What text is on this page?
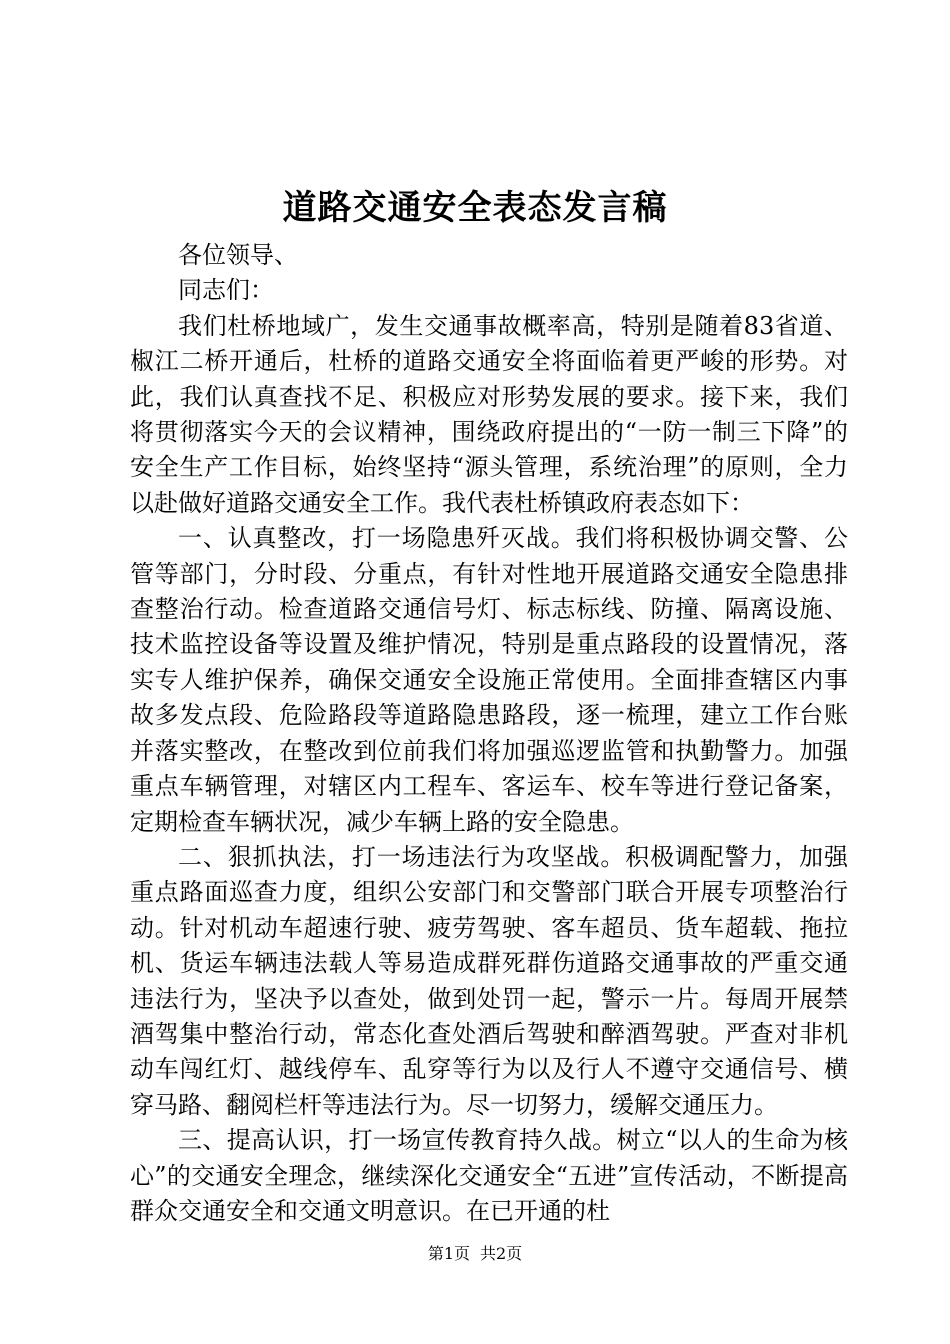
道路交通安全表态发言稿

各位领导、

同志们：

我们杜桥地域广，发生交通事故概率高，特别是随着83省道、椒江二桥开通后，杜桥的道路交通安全将面临着更严峻的形势。对此，我们认真查找不足、积极应对形势发展的要求。接下来，我们将贯彻落实今天的会议精神，围绕政府提出的“一防一制三下降”的安全生产工作目标，始终坚持“源头管理，系统治理”的原则，全力以赴做好道路交通安全工作。我代表杜桥镇政府表态如下：

一、认真整改，打一场隐患歼灭战。我们将积极协调交警、公管等部门，分时段、分重点，有针对性地开展道路交通安全隐患排查整治行动。检查道路交通信号灯、标志标线、防撞、隔离设施、技术监控设备等设置及维护情况，特别是重点路段的设置情况，落实专人维护保养，确保交通安全设施正常使用。全面排查辖区内事故多发点段、危险路段等道路隐患路段，逐一梳理，建立工作台账并落实整改，在整改到位前我们将加强巡逻监管和执勤警力。加强重点车辆管理，对辖区内工程车、客运车、校车等进行登记备案，定期检查车辆状况，减少车辆上路的安全隐患。

二、狠抓执法，打一场违法行为攻坚战。积极调配警力，加强重点路面巡查力度，组织公安部门和交警部门联合开展专项整治行动。针对机动车超速行驶、疲劳驾驶、客车超员、货车超载、拖拉机、货运车辆违法载人等易造成群死群伤道路交通事故的严重交通违法行为，坚决予以查处，做到处罚一起，警示一片。每周开展禁酒驾集中整治行动，常态化查处酒后驾驶和醉酒驾驶。严查对非机动车闯红灯、越线停车、乱穿等行为以及行人不遵守交通信号、横穿马路、翻阅栏杆等违法行为。尽一切努力，缓解交通压力。

三、提高认识，打一场宣传教育持久战。树立“以人的生命为核心”的交通安全理念，继续深化交通安全“五进”宣传活动，不断提高群众交通安全和交通文明意识。在已开通的杜

第1页 共2页
